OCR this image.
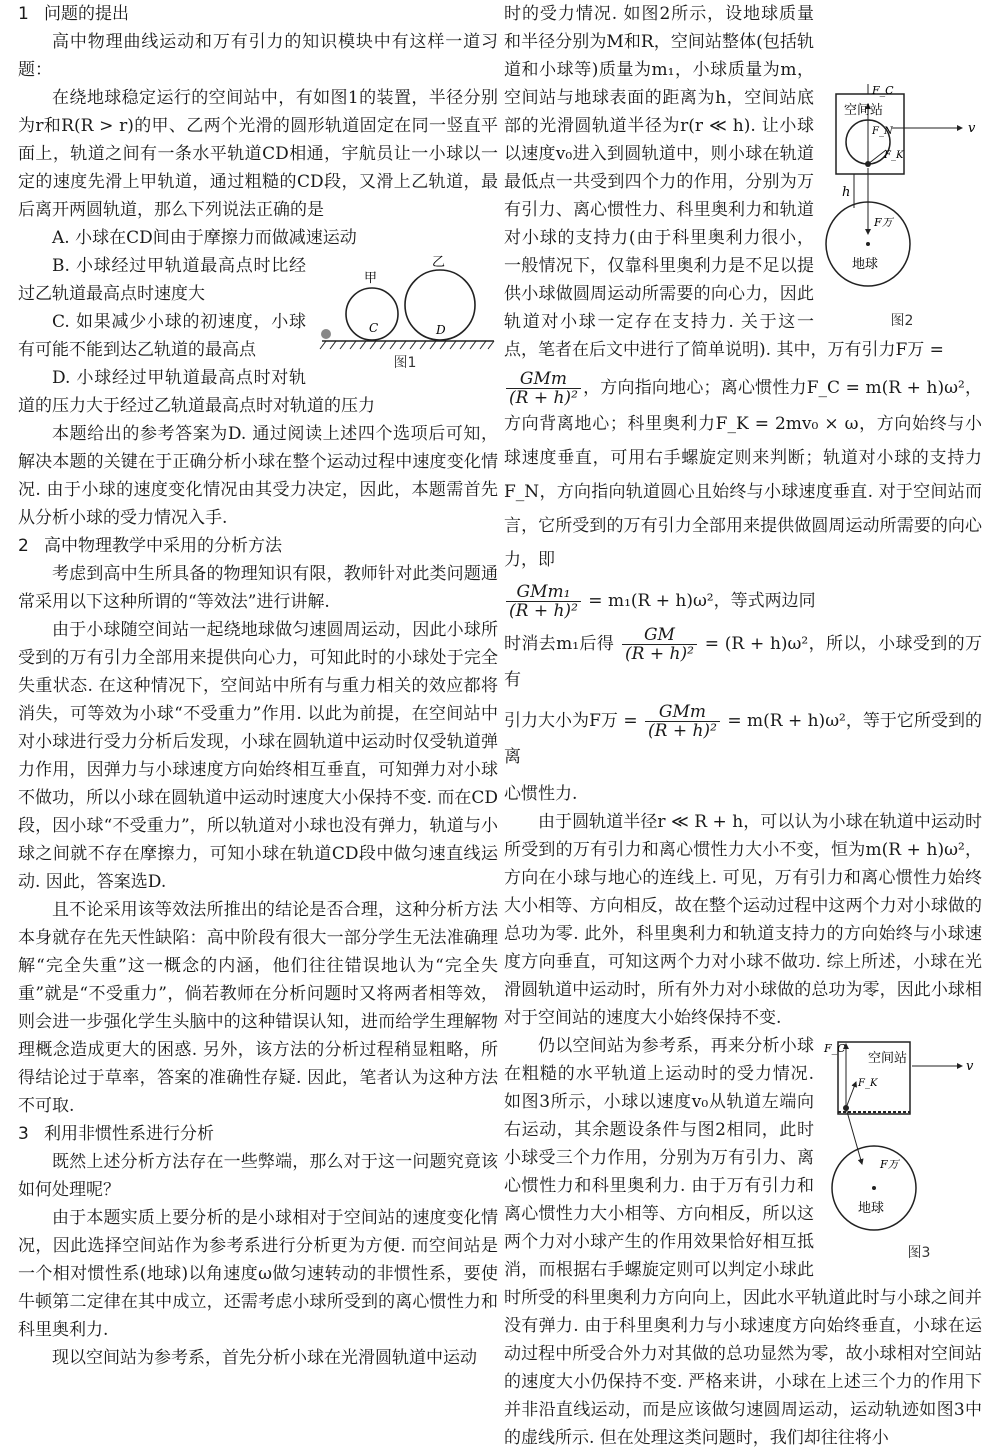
1 问题的提出

高中物理曲线运动和万有引力的知识模块中有这样一道习题：

在绕地球稳定运行的空间站中，有如图1的装置，半径分别为r和R(R > r)的甲、乙两个光滑的圆形轨道固定在同一竖直平面上，轨道之间有一条水平轨道CD相通，宇航员让一小球以一定的速度先滑上甲轨道，通过粗糙的CD段，又滑上乙轨道，最后离开两圆轨道，那么下列说法正确的是

A. 小球在CD间由于摩擦力而做减速运动

甲
乙
C	D
图1

B. 小球经过甲轨道最高点时比经过乙轨道最高点时速度大

C. 如果减少小球的初速度，小球有可能不能到达乙轨道的最高点

D. 小球经过甲轨道最高点时对轨道的压力大于经过乙轨道最高点时对轨道的压力

本题给出的参考答案为D. 通过阅读上述四个选项后可知，解决本题的关键在于正确分析小球在整个运动过程中速度变化情况. 由于小球的速度变化情况由其受力决定，因此，本题需首先从分析小球的受力情况入手.

2 高中物理教学中采用的分析方法

考虑到高中生所具备的物理知识有限，教师针对此类问题通常采用以下这种所谓的“等效法”进行讲解.

由于小球随空间站一起绕地球做匀速圆周运动，因此小球所受到的万有引力全部用来提供向心力，可知此时的小球处于完全失重状态. 在这种情况下，空间站中所有与重力相关的效应都将消失，可等效为小球“不受重力”作用. 以此为前提，在空间站中对小球进行受力分析后发现，小球在圆轨道中运动时仅受轨道弹力作用，因弹力与小球速度方向始终相互垂直，可知弹力对小球不做功，所以小球在圆轨道中运动时速度大小保持不变. 而在CD段，因小球“不受重力”，所以轨道对小球也没有弹力，轨道与小球之间就不存在摩擦力，可知小球在轨道CD段中做匀速直线运动. 因此，答案选D.

且不论采用该等效法所推出的结论是否合理，这种分析方法本身就存在先天性缺陷：高中阶段有很大一部分学生无法准确理解“完全失重”这一概念的内涵，他们往往错误地认为“完全失重”就是“不受重力”，倘若教师在分析问题时又将两者相等效，则会进一步强化学生头脑中的这种错误认知，进而给学生理解物理概念造成更大的困惑. 另外，该方法的分析过程稍显粗略，所得结论过于草率，答案的准确性存疑. 因此，笔者认为这种方法不可取.

3 利用非惯性系进行分析

既然上述分析方法存在一些弊端，那么对于这一问题究竟该如何处理呢？

由于本题实质上要分析的是小球相对于空间站的速度变化情况，因此选择空间站作为参考系进行分析更为方便. 而空间站是一个相对惯性系(地球)以角速度ω做匀速转动的非惯性系，要使牛顿第二定律在其中成立，还需考虑小球所受到的离心惯性力和科里奥利力.

现以空间站为参考系，首先分析小球在光滑圆轨道中运动

空间站
F_C
F_N
F_K
v
h
F万
地球
图2
时的受力情况. 如图2所示，设地球质量和半径分别为M和R，空间站整体(包括轨道和小球等)质量为m₁，小球质量为m，空间站与地球表面的距离为h，空间站底部的光滑圆轨道半径为r(r ≪ h). 让小球以速度v₀进入到圆轨道中，则小球在轨道最低点一共受到四个力的作用，分别为万有引力、离心惯性力、科里奥利力和轨道对小球的支持力(由于科里奥利力很小，一般情况下，仅靠科里奥利力是不足以提供小球做圆周运动所需要的向心力，因此轨道对小球一定存在支持力. 关于这一点，笔者在后文中进行了简单说明). 其中，万有引力F万 =

$\frac{\text{GMm}}{\text{(R + h)²}}$ ，方向指向地心；离心惯性力F_C = m(R + h)ω²，方向背离地心；科里奥利力F_K = 2mv₀ × ω，方向始终与小球速度垂直，可用右手螺旋定则来判断；轨道对小球的支持力F_N，方向指向轨道圆心且始终与小球速度垂直. 对于空间站而言，它所受到的万有引力全部用来提供做圆周运动所需要的向心力，即

$\frac{\text{GMm₁}}{\text{(R + h)²}} = m_1(R + h)\omega^2$，等式两边同

时消去m₁后得 $\frac{GM}{\text{(R + h)²}} = (R + h)\omega^2$，所以，小球受到的万有

引力大小为F万 = $\frac{\text{GMm}}{\text{(R + h)²}} = m(R + h)\omega^2$，等于它所受到的离

心惯性力.

由于圆轨道半径r ≪ R + h，可以认为小球在轨道中运动时所受到的万有引力和离心惯性力大小不变，恒为m(R + h)ω²，方向在小球与地心的连线上. 可见，万有引力和离心惯性力始终大小相等、方向相反，故在整个运动过程中这两个力对小球做的总功为零. 此外，科里奥利力和轨道支持力的方向始终与小球速度方向垂直，可知这两个力对小球不做功. 综上所述，小球在光滑圆轨道中运动时，所有外力对小球做的总功为零，因此小球相对于空间站的速度大小始终保持不变.

F_C
空间站
F_K
v
F万
地球
图3
仍以空间站为参考系，再来分析小球在粗糙的水平轨道上运动时的受力情况. 如图3所示，小球以速度v₀从轨道左端向右运动，其余题设条件与图2相同，此时小球受三个力作用，分别为万有引力、离心惯性力和科里奥利力. 由于万有引力和离心惯性力大小相等、方向相反，所以这两个力对小球产生的作用效果恰好相互抵消，而根据右手螺旋定则可以判定小球此时所受的科里奥利力方向向上，因此水平轨道此时与小球之间并没有弹力. 由于科里奥利力与小球速度方向始终垂直，小球在运动过程中所受合外力对其做的总功显然为零，故小球相对空间站的速度大小仍保持不变. 严格来讲，小球在上述三个力的作用下并非沿直线运动，而是应该做匀速圆周运动，运动轨迹如图3中的虚线所示. 但在处理这类问题时，我们却往往将小
